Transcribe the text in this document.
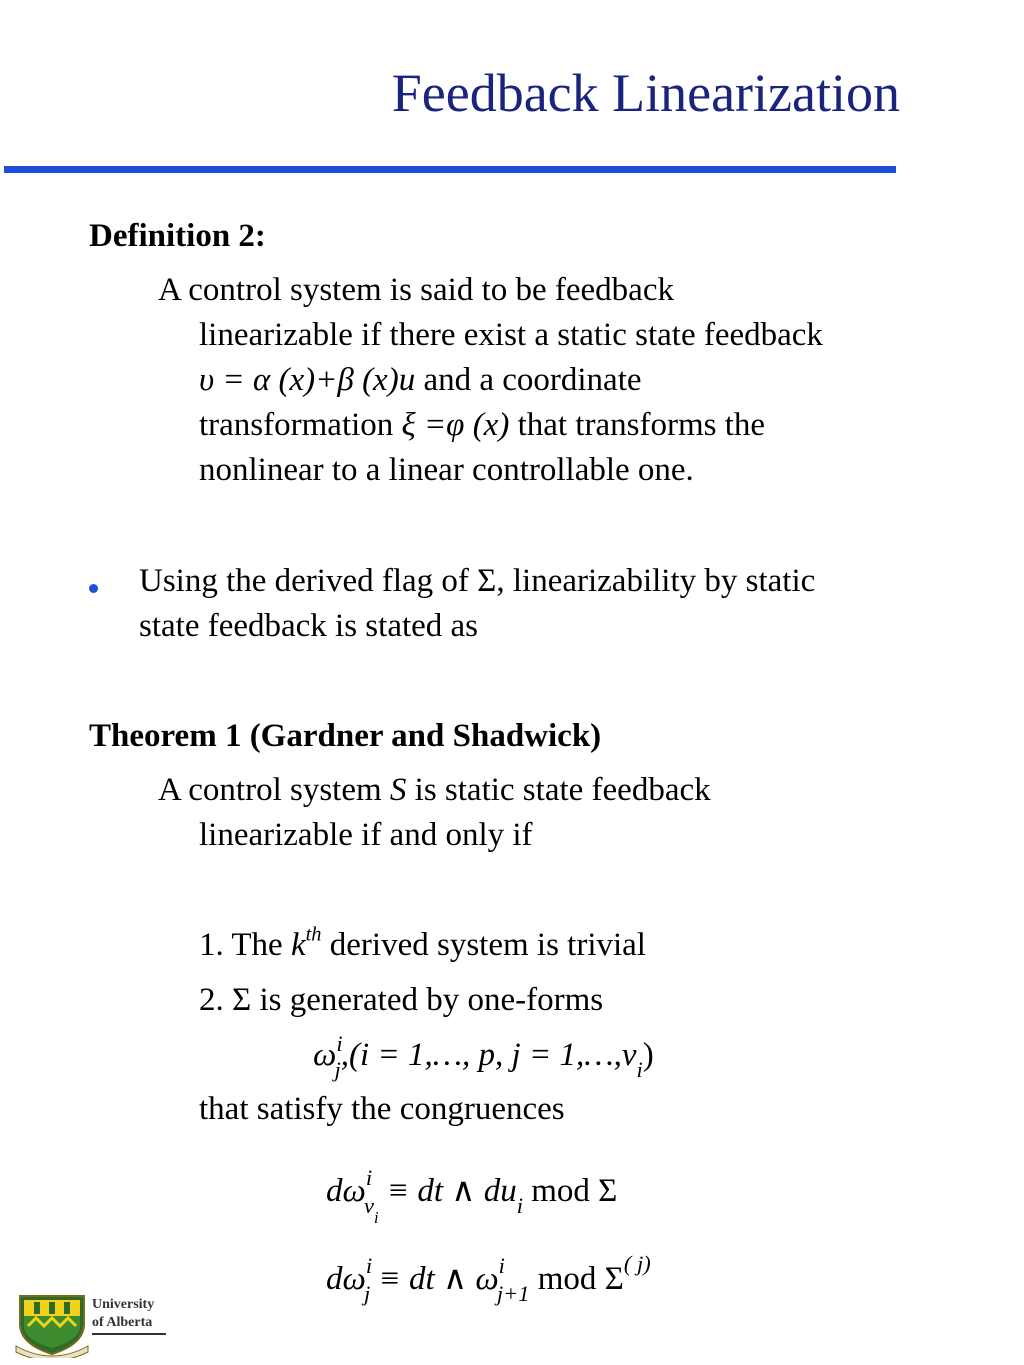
Feedback Linearization
Definition 2:
A control system is said to be feedback
linearizable if there exist a static state feedback
υ = α (x)+β (x)u and a coordinate
transformation ξ =φ (x) that transforms the
nonlinear to a linear controllable one.
Using the derived flag of Σ, linearizability by static
state feedback is stated as
Theorem 1 (Gardner and Shadwick)
A control system S is static state feedback
linearizable if and only if
1. The $k^{th}$ derived system is trivial
2. Σ is generated by one-forms
$\omega^i_j,(i$ = 1,…, p, $j = 1,\dots,\nu_i$)
that satisfy the congruences
$d\omega^i_{\nu i}$ ≡ dt ∧ $du_i$ mod Σ
$d\omega^i_j$ ≡ dt ∧ $\omega^i_{j+1}$ mod $\Sigma^{( j)}$
University
of Alberta
